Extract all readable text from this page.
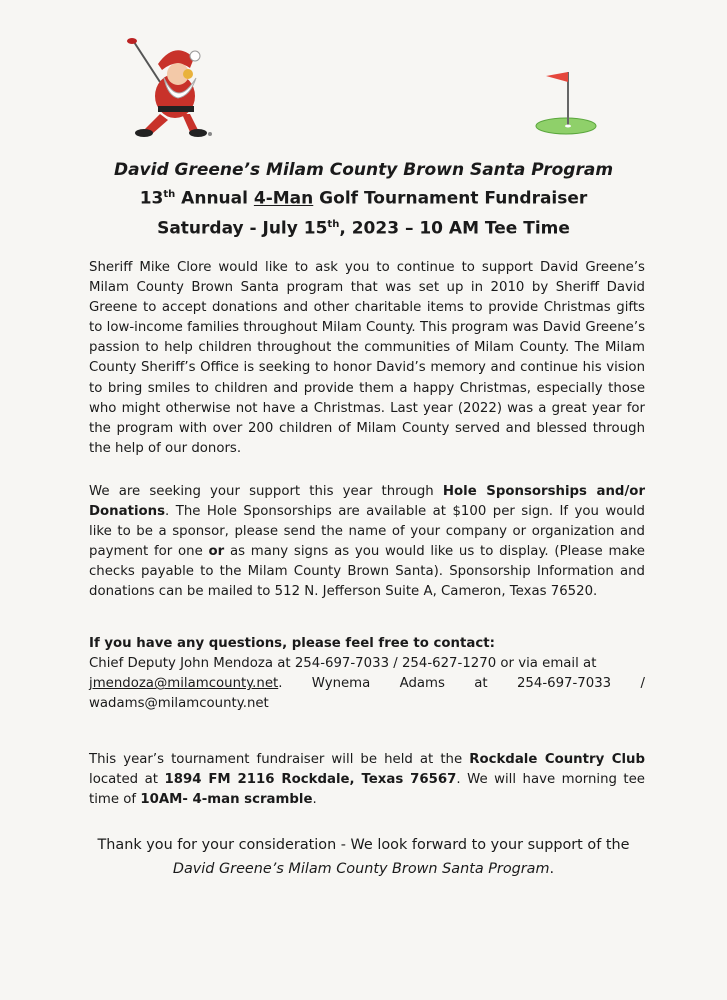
David Greene’s Milam County Brown Santa Program
13th Annual 4-Man Golf Tournament Fundraiser
Saturday - July 15th, 2023 – 10 AM Tee Time
Sheriff Mike Clore would like to ask you to continue to support David Greene’s Milam County Brown Santa program that was set up in 2010 by Sheriff David Greene to accept donations and other charitable items to provide Christmas gifts to low-income families throughout Milam County. This program was David Greene’s passion to help children throughout the communities of Milam County. The Milam County Sheriff’s Office is seeking to honor David’s memory and continue his vision to bring smiles to children and provide them a happy Christmas, especially those who might otherwise not have a Christmas. Last year (2022) was a great year for the program with over 200 children of Milam County served and blessed through the help of our donors.
We are seeking your support this year through Hole Sponsorships and/or Donations. The Hole Sponsorships are available at $100 per sign. If you would like to be a sponsor, please send the name of your company or organization and payment for one or as many signs as you would like us to display. (Please make checks payable to the Milam County Brown Santa). Sponsorship Information and donations can be mailed to 512 N. Jefferson Suite A, Cameron, Texas 76520.
If you have any questions, please feel free to contact:
Chief Deputy John Mendoza at 254-697-7033 / 254-627-1270 or via email at
jmendoza@milamcounty.net. Wynema Adams at 254-697-7033 /
wadams@milamcounty.net
This year’s tournament fundraiser will be held at the Rockdale Country Club located at 1894 FM 2116 Rockdale, Texas 76567. We will have morning tee time of 10AM- 4-man scramble.
Thank you for your consideration - We look forward to your support of the
David Greene’s Milam County Brown Santa Program.
